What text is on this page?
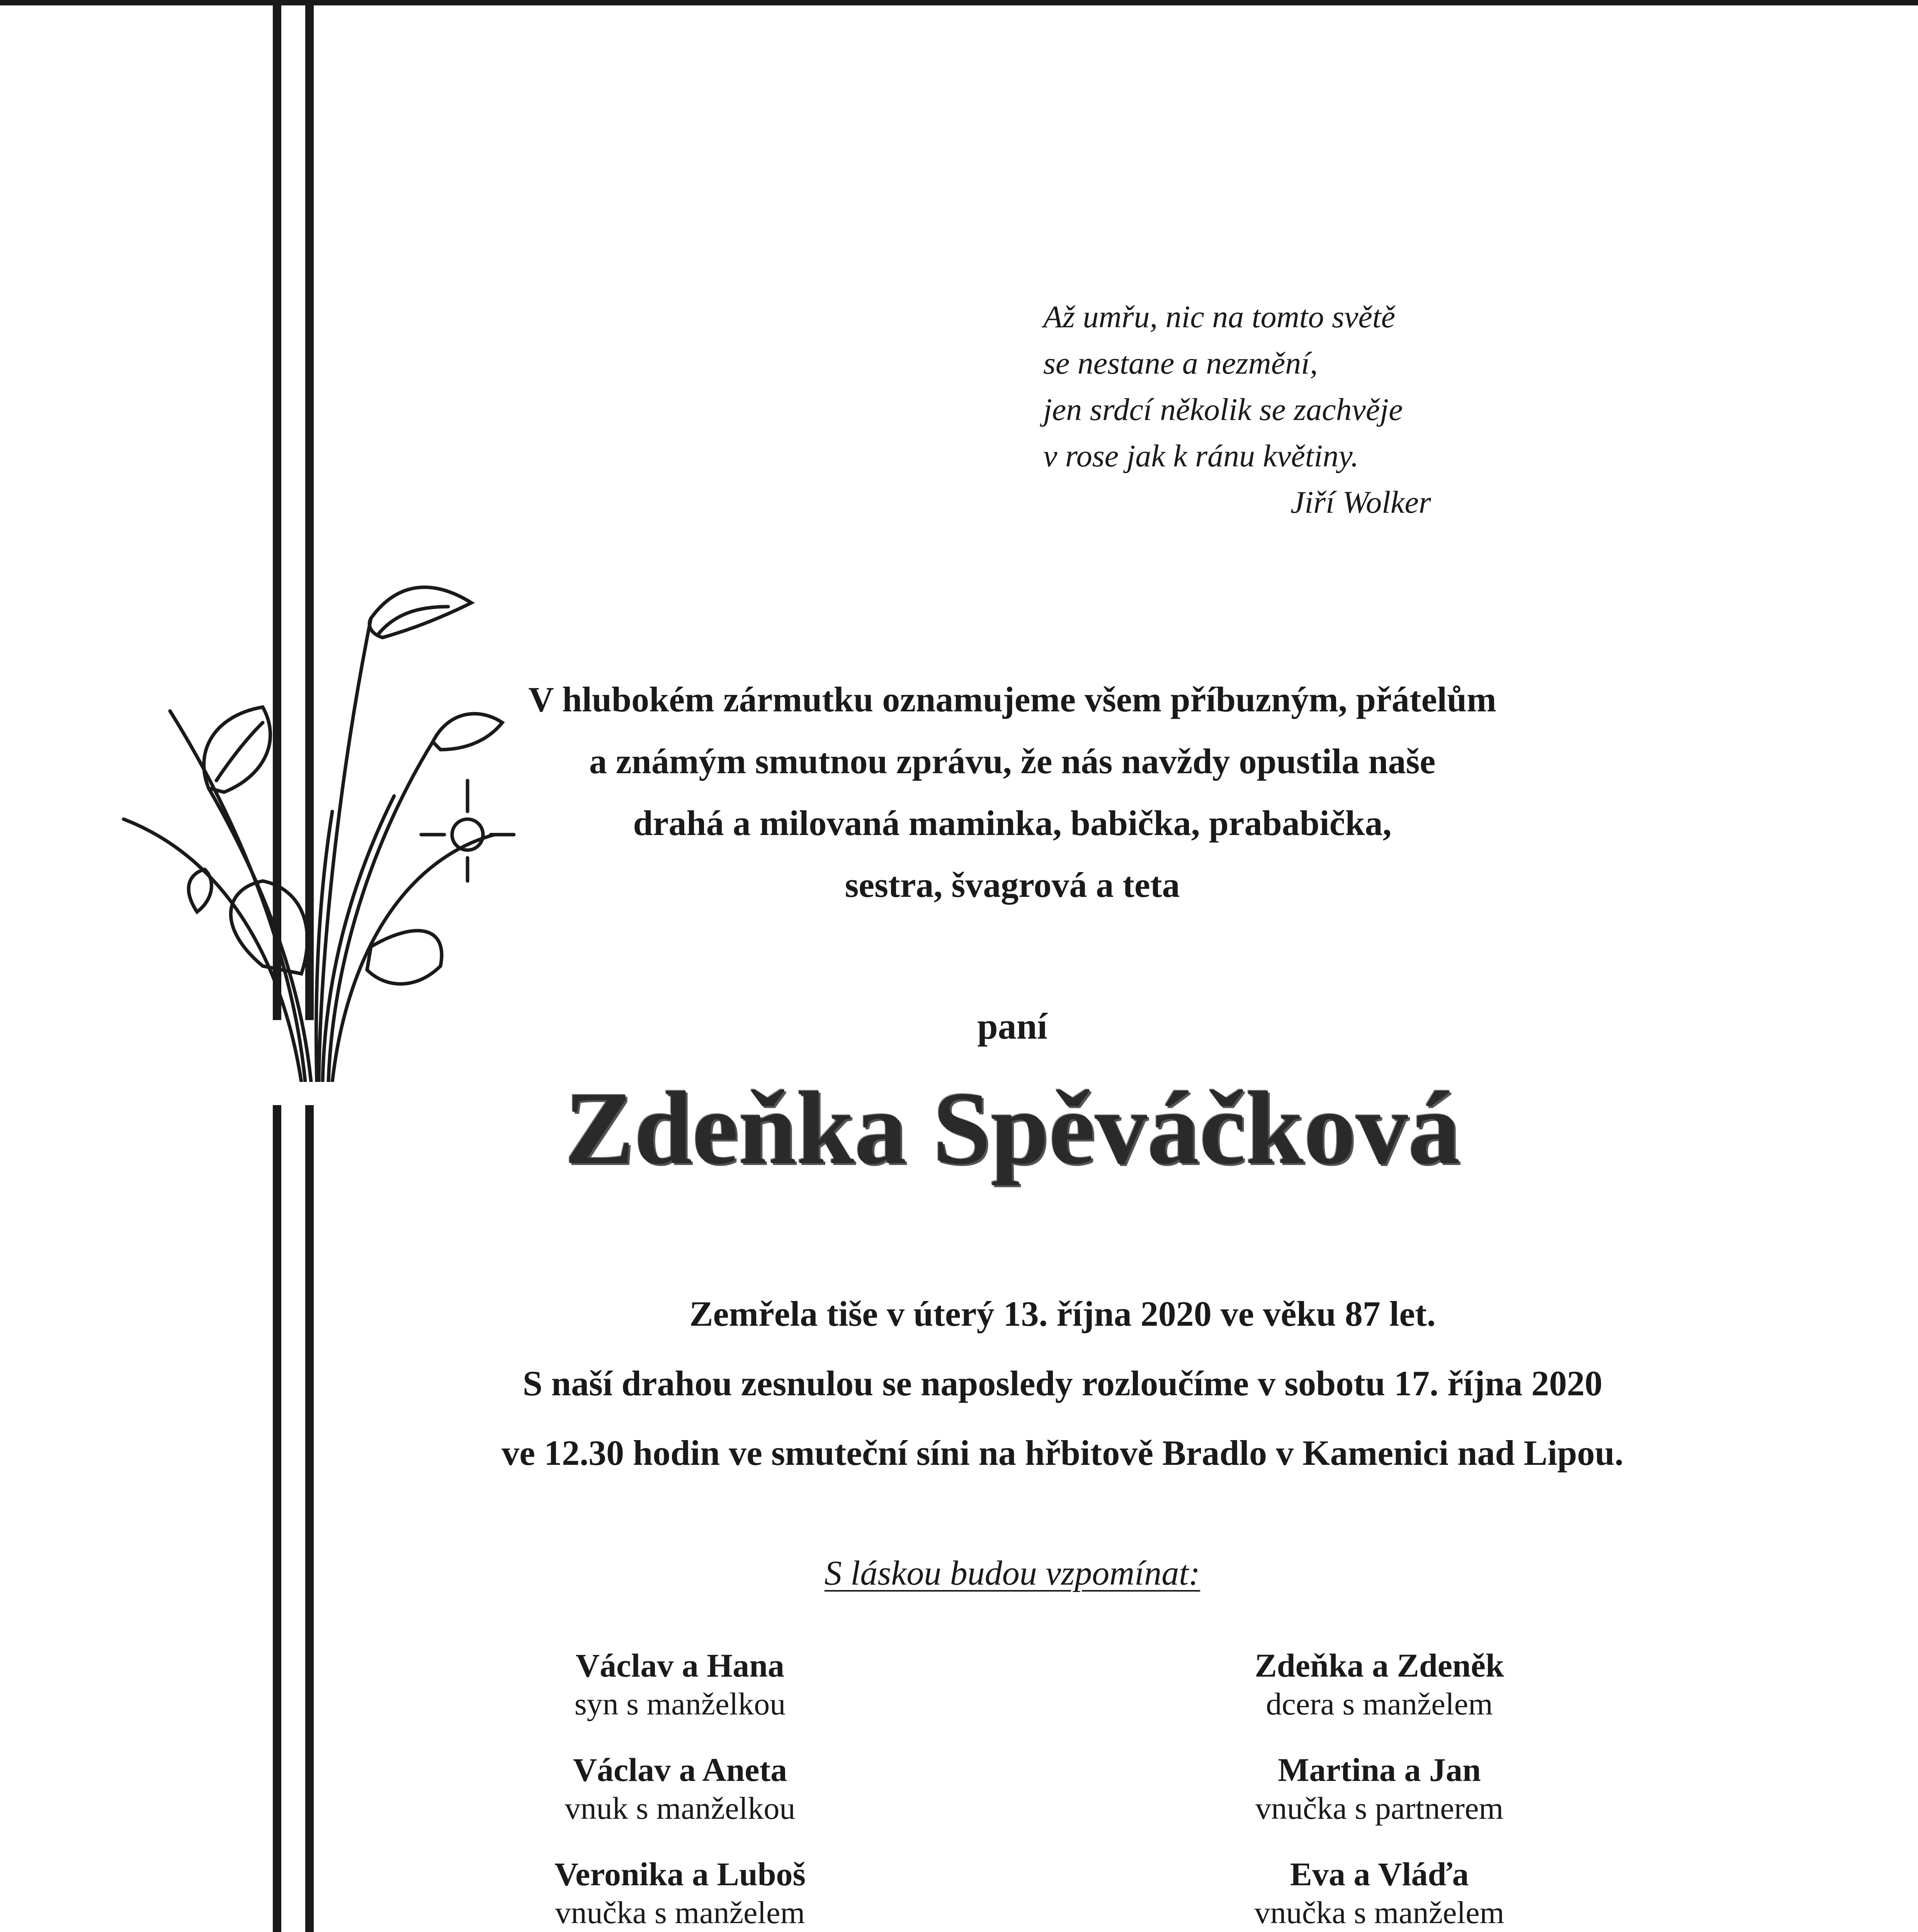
Až umřu, nic na tomto světě
se nestane a nezmění,
jen srdcí několik se zachvěje
v rose jak k ránu květiny.
Jiří Wolker
V hlubokém zármutku oznamujeme všem příbuzným, přátelům
a známým smutnou zprávu, že nás navždy opustila naše
drahá a milovaná maminka, babička, prababička,
sestra, švagrová a teta
paní
Zdeňka Spěváčková
Zemřela tiše v úterý 13. října 2020 ve věku 87 let.
S naší drahou zesnulou se naposledy rozloučíme v sobotu 17. října 2020
ve 12.30 hodin ve smuteční síni na hřbitově Bradlo v Kamenici nad Lipou.
S láskou budou vzpomínat:
Václav a Hana
syn s manželkou
Zdeňka a Zdeněk
dcera s manželem
Václav a Aneta
vnuk s manželkou
Martina a Jan
vnučka s partnerem
Veronika a Luboš
vnučka s manželem
Eva a Vláďa
vnučka s manželem
